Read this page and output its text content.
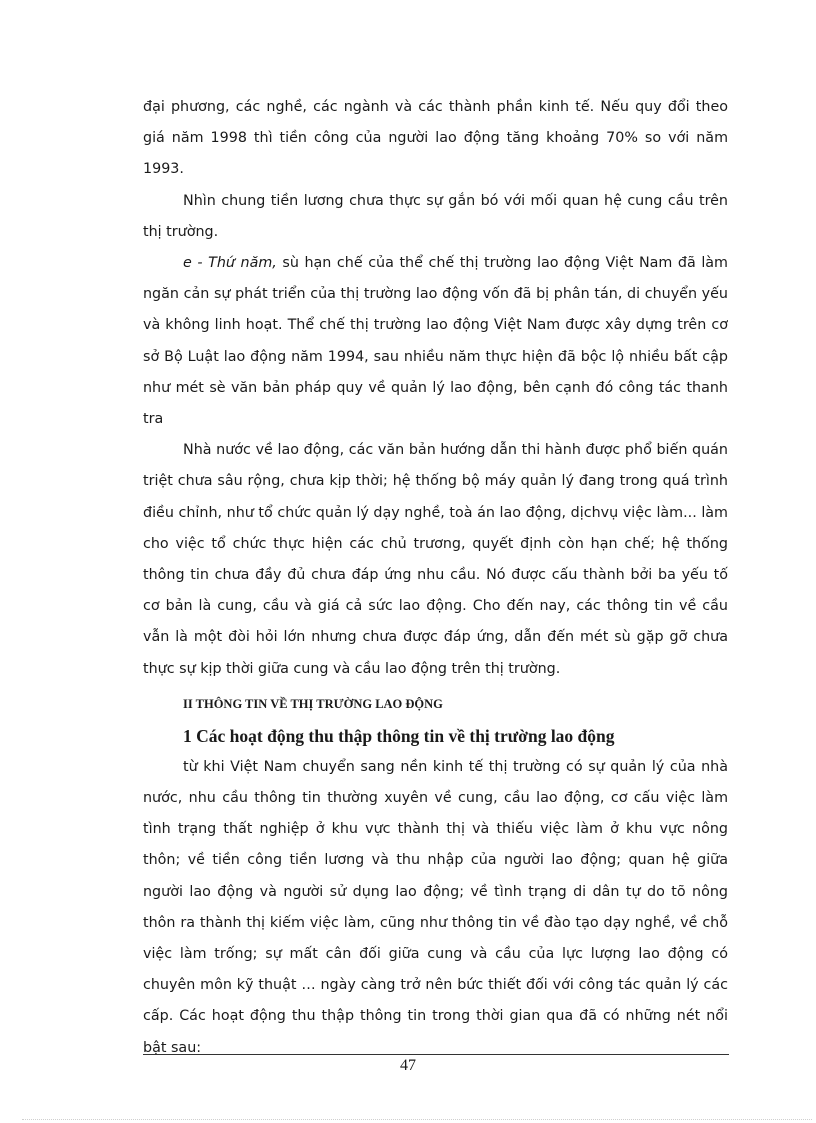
đại phương, các nghề, các ngành và các thành phần kinh tế. Nếu quy đổi theo giá năm 1998 thì tiền công của người lao động tăng khoảng 70% so với năm 1993.

Nhìn chung tiền lương chưa thực sự gắn bó với mối quan hệ cung cầu trên thị trường.

e - Thứ năm, sù hạn chế của thể chế thị trường lao động Việt Nam đã làm ngăn cản sự phát triển của thị trường lao động vốn đã bị phân tán, di chuyển yếu và không linh hoạt. Thể chế thị trường lao động Việt Nam được xây dựng trên cơ sở Bộ Luật lao động năm 1994, sau nhiều năm thực hiện đã bộc lộ nhiều bất cập như mét sè văn bản pháp quy về quản lý lao động, bên cạnh đó công tác thanh tra

Nhà nước về lao động, các văn bản hướng dẫn thi hành được phổ biến quán triệt chưa sâu rộng, chưa kịp thời; hệ thống bộ máy quản lý đang trong quá trình điều chỉnh, như tổ chức quản lý dạy nghề, toà án lao động, dịchvụ việc làm... làm cho việc tổ chức thực hiện các chủ trương, quyết định còn hạn chế; hệ thống thông tin chưa đầy đủ chưa đáp ứng nhu cầu. Nó được cấu thành bởi ba yếu tố cơ bản là cung, cầu và giá cả sức lao động. Cho đến nay, các thông tin về cầu vẫn là một đòi hỏi lớn nhưng chưa được đáp ứng, dẫn đến mét sù gặp gỡ chưa thực sự kịp thời giữa cung và cầu lao động trên thị trường.

II THÔNG TIN VỀ THỊ TRƯỜNG LAO ĐỘNG
1 Các hoạt động thu thập thông tin về thị trường lao động

từ khi Việt Nam chuyển sang nền kinh tế thị trường có sự quản lý của nhà nước, nhu cầu thông tin thường xuyên về cung, cầu lao động, cơ cấu việc làm tình trạng thất nghiệp ở khu vực thành thị và thiếu việc làm ở khu vực nông thôn; về tiền công tiền lương và thu nhập của người lao động; quan hệ giữa người lao động và người sử dụng lao động; về tình trạng di dân tự do tõ nông thôn ra thành thị kiếm việc làm, cũng như thông tin về đào tạo dạy nghề, về chỗ việc làm trống; sự mất cân đối giữa cung và cầu của lực lượng lao động có chuyên môn kỹ thuật … ngày càng trở nên bức thiết đối với công tác quản lý các cấp. Các hoạt động thu thập thông tin trong thời gian qua đã có những nét nổi bật sau:

47
